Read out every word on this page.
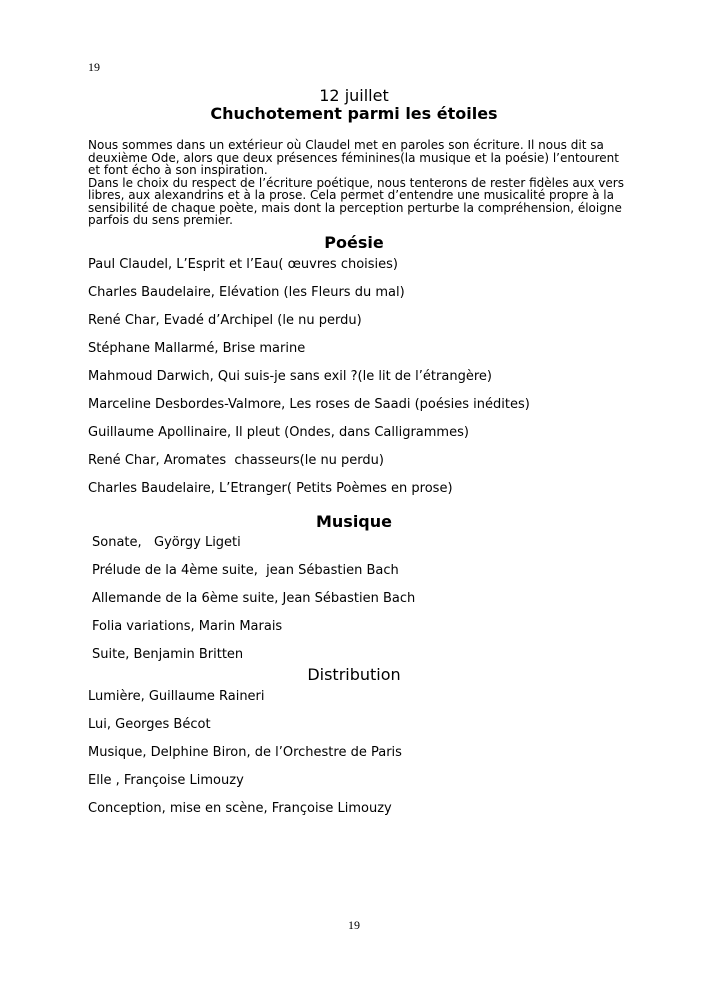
19
12 juillet
Chuchotement parmi les étoiles

Nous sommes dans un extérieur où Claudel met en paroles son écriture. Il nous dit sa deuxième Ode, alors que deux présences féminines(la musique et la poésie) l’entourent et font écho à son inspiration.

Dans le choix du respect de l’écriture poétique, nous tenterons de rester fidèles aux vers libres, aux alexandrins et à la prose. Cela permet d’entendre une musicalité propre à la sensibilité de chaque poète, mais dont la perception perturbe la compréhension, éloigne parfois du sens premier.

Poésie
Paul Claudel, L’Esprit et l’Eau( œuvres choisies)
Charles Baudelaire, Elévation (les Fleurs du mal)
René Char, Evadé d’Archipel (le nu perdu)
Stéphane Mallarmé, Brise marine
Mahmoud Darwich, Qui suis-je sans exil ?(le lit de l’étrangère)
Marceline Desbordes-Valmore, Les roses de Saadi (poésies inédites)
Guillaume Apollinaire, Il pleut (Ondes, dans Calligrammes)
René Char, Aromates  chasseurs(le nu perdu)
Charles Baudelaire, L’Etranger( Petits Poèmes en prose)
Musique
Sonate,   György Ligeti
Prélude de la 4ème suite,  jean Sébastien Bach
Allemande de la 6ème suite, Jean Sébastien Bach
Folia variations, Marin Marais
Suite, Benjamin Britten
Distribution
Lumière, Guillaume Raineri
Lui, Georges Bécot
Musique, Delphine Biron, de l’Orchestre de Paris
Elle , Françoise Limouzy
Conception, mise en scène, Françoise Limouzy
19
